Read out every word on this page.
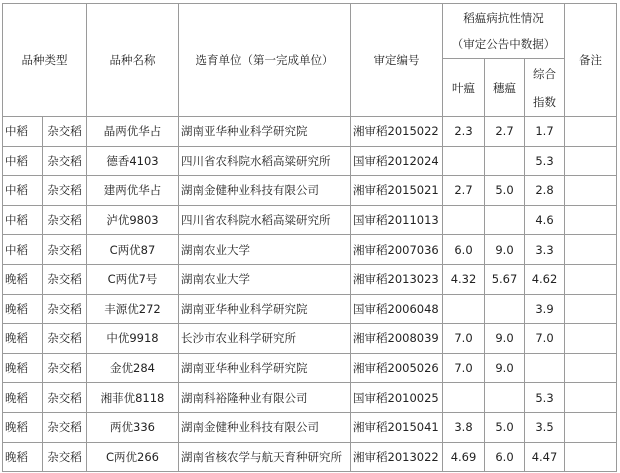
品种类型		品种名称	选育单位（第一完成单位）	审定编号	稻瘟病抗性情况
（审定公告中数据）			备注
					叶瘟	穗瘟	综合
指数	

中稻	杂交稻	晶两优华占	湖南亚华种业科学研究院	湘审稻2015022	2.3	2.7	1.7	
中稻	杂交稻	德香4103	四川省农科院水稻高粱研究所	国审稻2012024			5.3	
中稻	杂交稻	建两优华占	湖南金健种业科技有限公司	湘审稻2015021	2.7	5.0	2.8	
中稻	杂交稻	泸优9803	四川省农科院水稻高粱研究所	国审稻2011013			4.6	
中稻	杂交稻	C两优87	湖南农业大学	湘审稻2007036	6.0	9.0	3.3	
晚稻	杂交稻	C两优7号	湖南农业大学	湘审稻2013023	4.32	5.67	4.62	
晚稻	杂交稻	丰源优272	湖南亚华种业科学研究院	国审稻2006048			3.9	
晚稻	杂交稻	中优9918	长沙市农业科学研究所	湘审稻2008039	7.0	9.0	7.0	
晚稻	杂交稻	金优284	湖南亚华种业科学研究院	湘审稻2005026	7.0	9.0		
晚稻	杂交稻	湘菲优8118	湖南科裕隆种业有限公司	国审稻2010025			5.3	
晚稻	杂交稻	两优336	湖南金健种业科技有限公司	湘审稻2015041	3.8	5.0	3.5	
晚稻	杂交稻	C两优266	湖南省核农学与航天育种研究所	湘审稻2013022	4.69	6.0	4.47	
